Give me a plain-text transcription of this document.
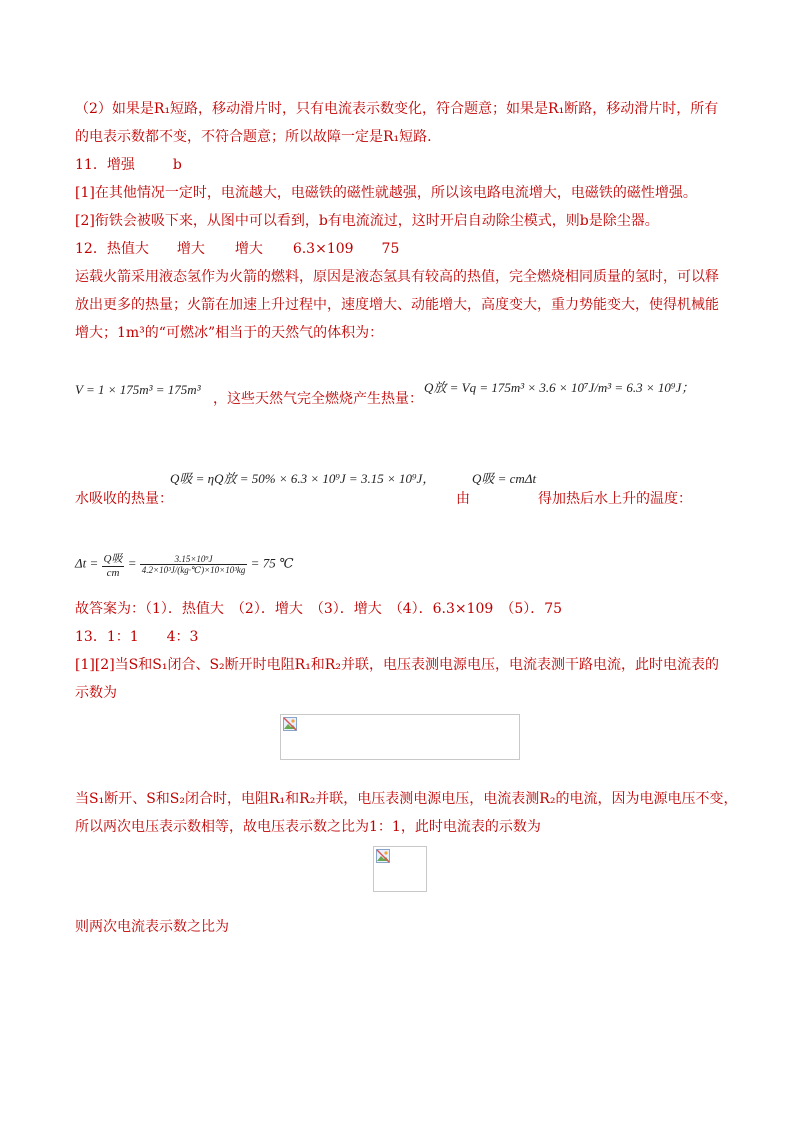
（2）如果是R₁短路，移动滑片时，只有电流表示数变化，符合题意；如果是R₁断路，移动滑片时，所有
的电表示数都不变，不符合题意；所以故障一定是R₁短路.
11．增强	b
[1]在其他情况一定时，电流越大，电磁铁的磁性就越强，所以该电路电流增大，电磁铁的磁性增强。
[2]衔铁会被吸下来，从图中可以看到，b有电流流过，这时开启自动除尘模式，则b是除尘器。
12．热值大 增大 增大 6.3×109 75
运载火箭采用液态氢作为火箭的燃料，原因是液态氢具有较高的热值，完全燃烧相同质量的氢时，可以释
放出更多的热量；火箭在加速上升过程中，速度增大、动能增大，高度变大，重力势能变大，使得机械能
增大；1m³的“可燃冰”相当于的天然气的体积为：
V = 1 × 175m³ = 175m³
，这些天然气完全燃烧产生热量：
Q放 = Vq = 175m³ × 3.6 × 10⁷J/m³ = 6.3 × 10⁹J；
Q吸 = ηQ放 = 50% × 6.3 × 10⁹J = 3.15 × 10⁹J，	Q吸 = cmΔt
水吸收的热量：	由	得加热后水上升的温度：
$\Delta t = \frac{\text{Q吸}}{cm} = \frac{\text{3.15×10⁹J}}{\text{4.2×10³J/(kg·℃)×10×10³kg}} = 75$ ℃
故答案为：（1）．热值大　（2）．增大　（3）．增大　（4）．6.3×109　（5）．75
13．1：1　　4：3
[1][2]当S和S₁闭合、S₂断开时电阻R₁和R₂并联，电压表测电源电压，电流表测干路电流，此时电流表的
示数为
当S₁断开、S和S₂闭合时，电阻R₁和R₂并联，电压表测电源电压，电流表测R₂的电流，因为电源电压不变，
所以两次电压表示数相等，故电压表示数之比为1：1，此时电流表的示数为
则两次电流表示数之比为
